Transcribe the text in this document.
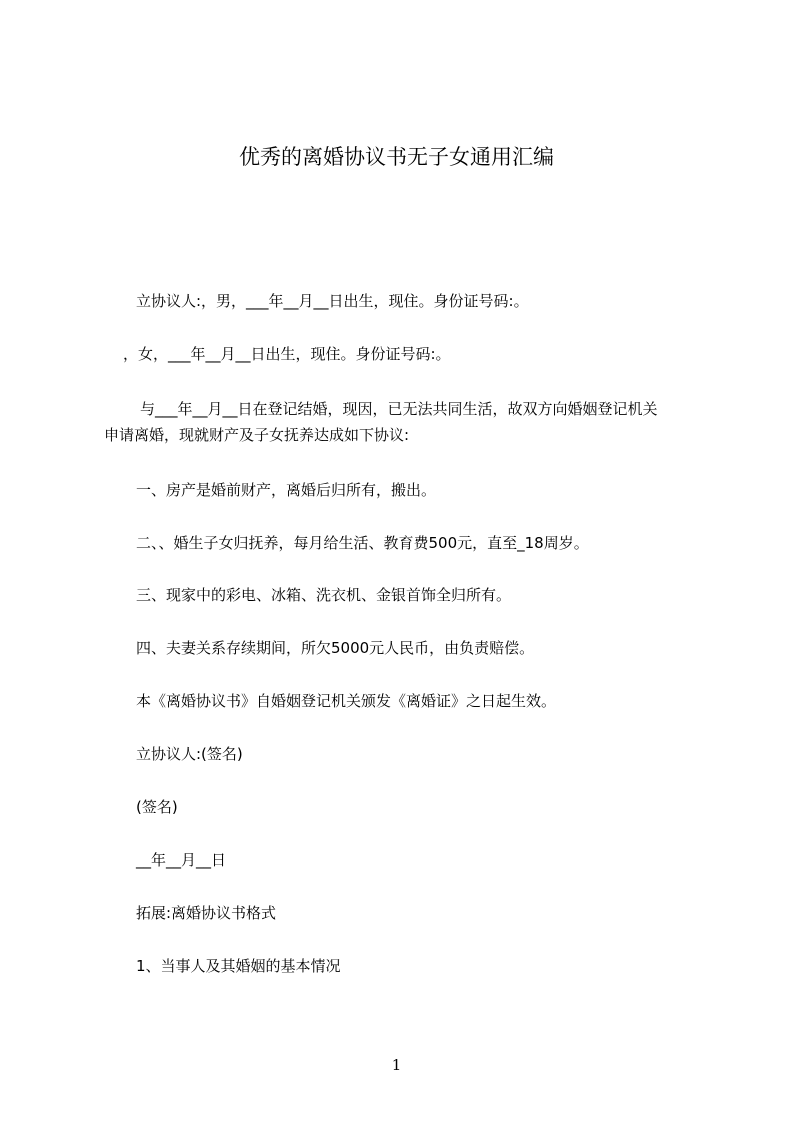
优秀的离婚协议书无子女通用汇编
立协议人:，男，___年__月__日出生，现住。身份证号码:。
，女，___年__月__日出生，现住。身份证号码:。
与___年__月__日在登记结婚，现因，已无法共同生活，故双方向婚姻登记机关
申请离婚，现就财产及子女抚养达成如下协议:
一、房产是婚前财产，离婚后归所有，搬出。
二、、婚生子女归抚养，每月给生活、教育费500元，直至_18周岁。
三、现家中的彩电、冰箱、洗衣机、金银首饰全归所有。
四、夫妻关系存续期间，所欠5000元人民币，由负责赔偿。
本《离婚协议书》自婚姻登记机关颁发《离婚证》之日起生效。
立协议人:(签名)
(签名)
__年__月__日
拓展:离婚协议书格式
1、当事人及其婚姻的基本情况
1
